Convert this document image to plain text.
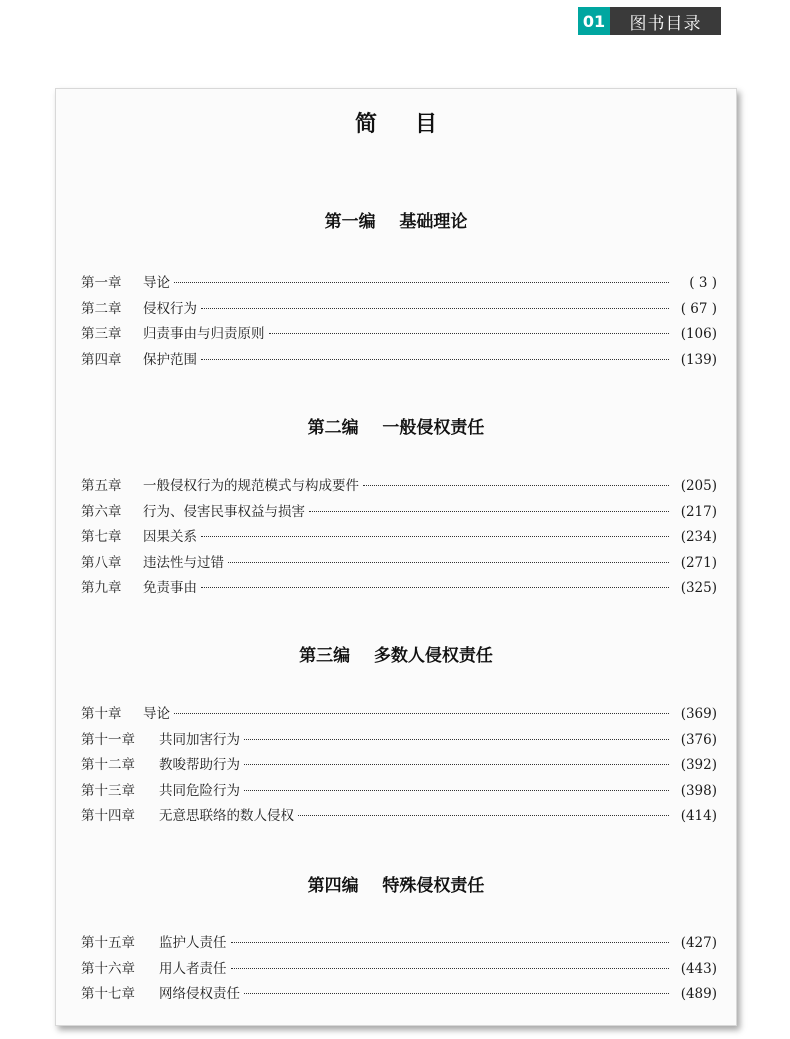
01	图书目录
简目
第一编    基础理论
第一章	导论	( 3 )
第二章	侵权行为	( 67 )
第三章	归责事由与归责原则	(106)
第四章	保护范围	(139)
第二编    一般侵权责任
第五章	一般侵权行为的规范模式与构成要件	(205)
第六章	行为、侵害民事权益与损害	(217)
第七章	因果关系	(234)
第八章	违法性与过错	(271)
第九章	免责事由	(325)
第三编    多数人侵权责任
第十章	导论	(369)
第十一章	共同加害行为	(376)
第十二章	教唆帮助行为	(392)
第十三章	共同危险行为	(398)
第十四章	无意思联络的数人侵权	(414)
第四编    特殊侵权责任
第十五章	监护人责任	(427)
第十六章	用人者责任	(443)
第十七章	网络侵权责任	(489)
